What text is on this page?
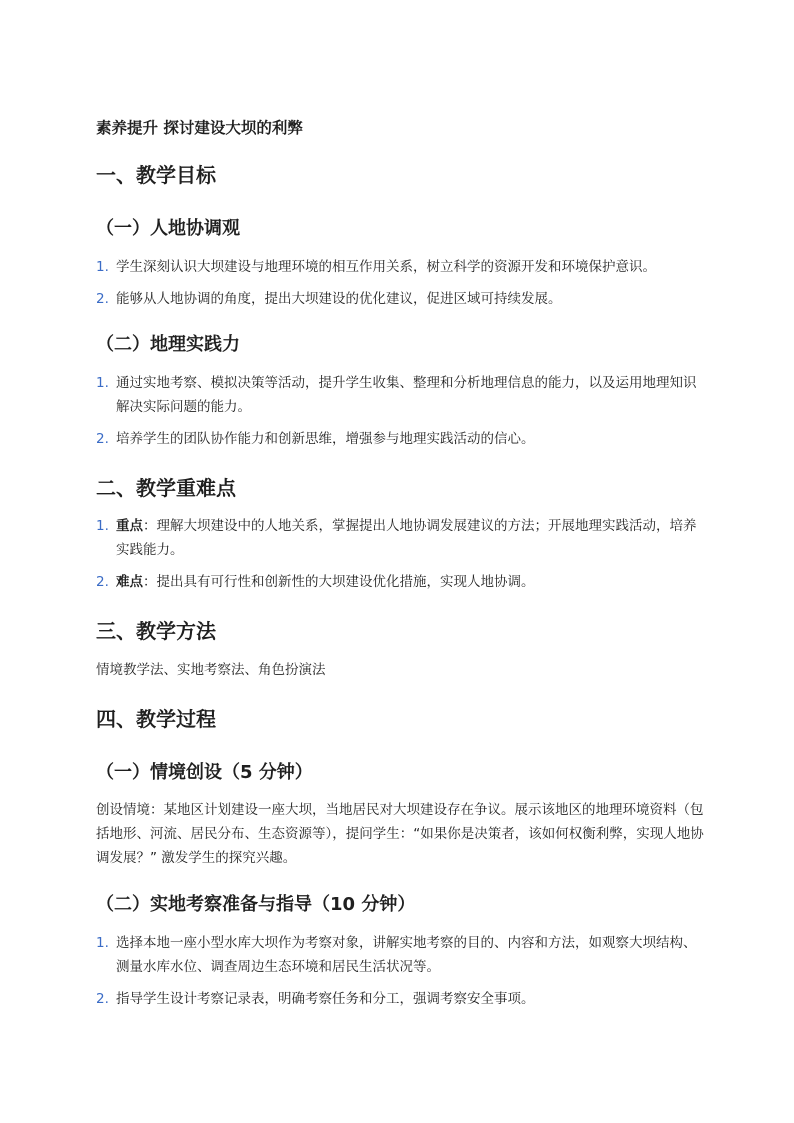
素养提升 探讨建设大坝的利弊
一、教学目标
（一）人地协调观
1. 学生深刻认识大坝建设与地理环境的相互作用关系，树立科学的资源开发和环境保护意识。
2. 能够从人地协调的角度，提出大坝建设的优化建议，促进区域可持续发展。
（二）地理实践力
1. 通过实地考察、模拟决策等活动，提升学生收集、整理和分析地理信息的能力，以及运用地理知识解决实际问题的能力。
2. 培养学生的团队协作能力和创新思维，增强参与地理实践活动的信心。
二、教学重难点
1. 重点：理解大坝建设中的人地关系，掌握提出人地协调发展建议的方法；开展地理实践活动，培养实践能力。
2. 难点：提出具有可行性和创新性的大坝建设优化措施，实现人地协调。
三、教学方法
情境教学法、实地考察法、角色扮演法
四、教学过程
（一）情境创设（5 分钟）
创设情境：某地区计划建设一座大坝，当地居民对大坝建设存在争议。展示该地区的地理环境资料（包括地形、河流、居民分布、生态资源等），提问学生：“如果你是决策者，该如何权衡利弊，实现人地协调发展？” 激发学生的探究兴趣。
（二）实地考察准备与指导（10 分钟）
1. 选择本地一座小型水库大坝作为考察对象，讲解实地考察的目的、内容和方法，如观察大坝结构、测量水库水位、调查周边生态环境和居民生活状况等。
2. 指导学生设计考察记录表，明确考察任务和分工，强调考察安全事项。
